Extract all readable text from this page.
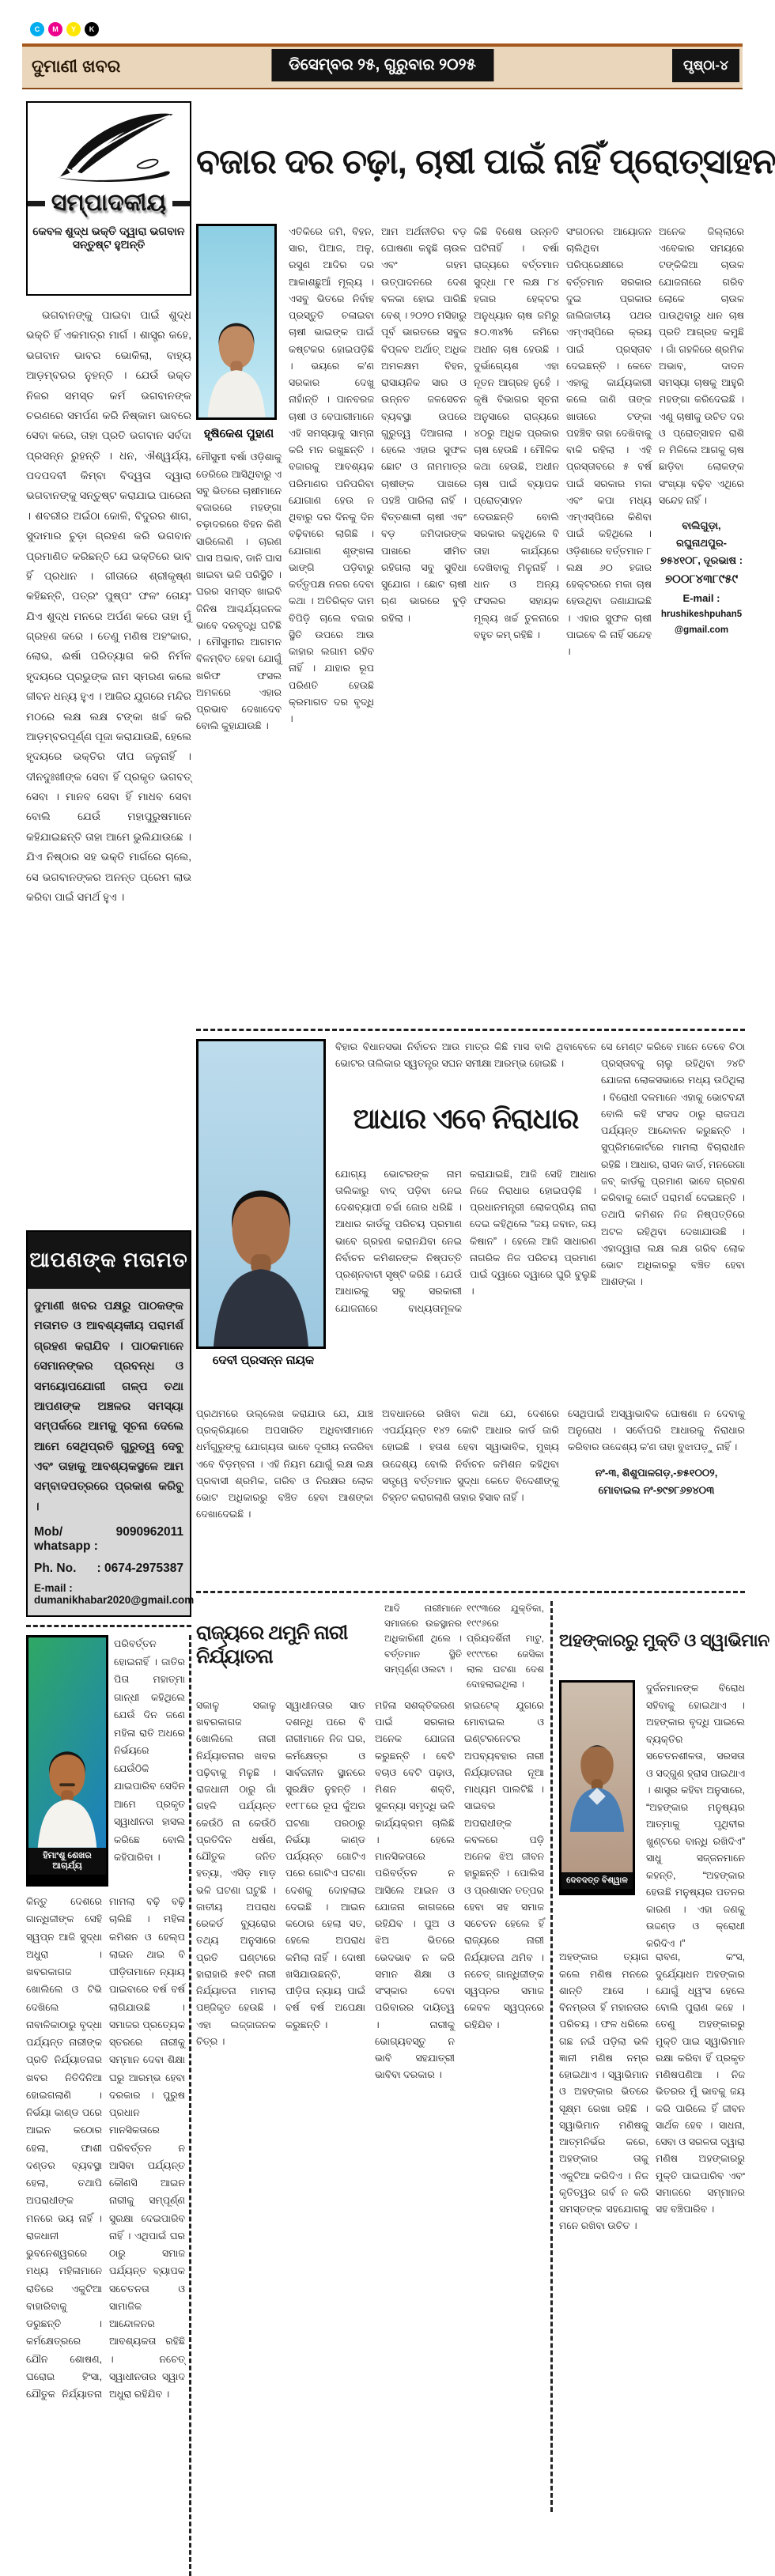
C	M	Y	K
ଦୁମାଣୀ ଖବର	ଡିସେମ୍ବର ୨୫, ଗୁରୁବାର ୨୦୨୫	ପୃଷ୍ଠା-୪
ସମ୍ପାଦକୀୟ
କେବଳ ଶୁଦ୍ଧ ଭକ୍ତି ଦ୍ୱାରା ଭଗବାନ ସନ୍ତୁଷ୍ଟ ହୁଅନ୍ତି
ଭଗବାନଙ୍କୁ ପାଇବା ପାଇଁ ଶୁଦ୍ଧ ଭକ୍ତି ହିଁ ଏକମାତ୍ର ମାର୍ଗ । ଶାସ୍ତ୍ର କହେ, ଭଗବାନ ଭାବର ଭୋକିଲା, ବାହ୍ୟ ଆଡ଼ମ୍ବରର ନୁହନ୍ତି । ଯେଉଁ ଭକ୍ତ ନିଜର ସମସ୍ତ କର୍ମ ଭଗବାନଙ୍କ ଚରଣରେ ସମର୍ପଣ କରି ନିଷ୍କାମ ଭାବରେ ସେବା କରେ, ତାହା ପ୍ରତି ଭଗବାନ ସର୍ବଦା ପ୍ରସନ୍ନ ରୁହନ୍ତି । ଧନ, ଐଶ୍ୱର୍ଯ୍ୟ, ପଦପଦବୀ କିମ୍ବା ବିଦ୍ୱତା ଦ୍ୱାରା ଭଗବାନଙ୍କୁ ସନ୍ତୁଷ୍ଟ କରାଯାଇ ପାରେନା । ଶବରୀର ଅଇଁଠା କୋଳି, ବିଦୁରର ଶାଗ, ସୁଦାମାର ଚୁଡ଼ା ଗ୍ରହଣ କରି ଭଗବାନ ପ୍ରମାଣିତ କରିଛନ୍ତି ଯେ ଭକ୍ତିରେ ଭାବ ହିଁ ପ୍ରଧାନ । ଗୀତାରେ ଶ୍ରୀକୃଷ୍ଣ କହିଛନ୍ତି, ପତ୍ରଂ ପୁଷ୍ପଂ ଫଳଂ ତୋୟଂ ଯିଏ ଶୁଦ୍ଧ ମନରେ ଅର୍ପଣ କରେ ତାହା ମୁଁ ଗ୍ରହଣ କରେ । ତେଣୁ ମଣିଷ ଅହଂକାର, ଲୋଭ, ଈର୍ଷା ପରିତ୍ୟାଗ କରି ନିର୍ମଳ ହୃଦୟରେ ପ୍ରଭୁଙ୍କ ନାମ ସ୍ମରଣ କଲେ ଜୀବନ ଧନ୍ୟ ହୁଏ । ଆଜିର ଯୁଗରେ ମନ୍ଦିର ମଠରେ ଲକ୍ଷ ଲକ୍ଷ ଟଙ୍କା ଖର୍ଚ୍ଚ କରି ଆଡ଼ମ୍ବରପୂର୍ଣ୍ଣ ପୂଜା କରାଯାଉଛି, ହେଲେ ହୃଦୟରେ ଭକ୍ତିର ଦୀପ ଜଳୁନାହିଁ । ଦୀନଦୁଃଖୀଙ୍କ ସେବା ହିଁ ପ୍ରକୃତ ଭଗବତ୍ ସେବା । ମାନବ ସେବା ହିଁ ମାଧବ ସେବା ବୋଲି ଯେଉଁ ମହାପୁରୁଷମାନେ କହିଯାଇଛନ୍ତି ତାହା ଆମେ ଭୁଲିଯାଉଛେ । ଯିଏ ନିଷ୍ଠାର ସହ ଭକ୍ତି ମାର୍ଗରେ ଚାଲେ, ସେ ଭଗବାନଙ୍କର ଅନନ୍ତ ପ୍ରେମ ଲାଭ କରିବା ପାଇଁ ସମର୍ଥ ହୁଏ ।
ଆପଣଙ୍କ ମତାମତ
ଦୁମାଣୀ ଖବର ପକ୍ଷରୁ ପାଠକଙ୍କ ମତାମତ ଓ ଆବଶ୍ୟକୀୟ ପରାମର୍ଶ ଗ୍ରହଣ କରାଯିବ । ପାଠକମାନେ ସେମାନଙ୍କର ପ୍ରବନ୍ଧ ଓ ସମୟୋପଯୋଗୀ ଗଳ୍ପ ତଥା ଆପଣଙ୍କ ଅଞ୍ଚଳର ସମସ୍ୟା ସମ୍ପର୍କରେ ଆମକୁ ସୂଚନା ଦେଲେ ଆମେ ସେଥିପ୍ରତି ଗୁରୁତ୍ୱ ଦେବୁ ଏବଂ ତାହାକୁ ଆବଶ୍ୟକସ୍ଥଳେ ଆମ ସମ୍ବାଦପତ୍ରରେ ପ୍ରକାଶ କରିବୁ ।
Mob/ whatsapp :
9090962011
Ph. No. : 0674-2975387
E-mail : dumanikhabar2020@gmail.com
ହିମାଂଶୁ ଶେଖର ଆଚାର୍ଯ୍ୟ
ପରିବର୍ତ୍ତନ ହୋଇନାହିଁ । ଜାତିର ପିତା ମହାତ୍ମା ଗାନ୍ଧୀ କହିଥିଲେ ଯେଉଁ ଦିନ ଜଣେ ମହିଳା ରାତି ଅଧରେ ନିର୍ଭୟରେ ଯେଉଁଠିକି ଯାଇପାରିବ ସେଦିନ ଆମେ ପ୍ରକୃତ ସ୍ୱାଧୀନତା ହାସଲ କରିଛେ ବୋଲି କହିପାରିବା ।
କିନ୍ତୁ ଦେଶରେ ଗାନ୍ଧିଜୀଙ୍କ ସେହି ସ୍ୱପ୍ନ ଆଜି ସୁଦ୍ଧା ଅଧୁରା । ଖବରକାଗଜ ଖୋଲିଲେ ଓ ଟିଭି ଦେଖିଲେ ନାବାଳିକାଠାରୁ ବୃଦ୍ଧା ପର୍ଯ୍ୟନ୍ତ ନାରୀଙ୍କ ପ୍ରତି ନିର୍ଯ୍ୟାତନାର ଖବର ନିତିଦିନିଆ ହୋଇଗଲାଣି । ନିର୍ଭୟା କାଣ୍ଡ ପରେ ଆଇନ କଠୋର ହେଲା, ଫାଶୀ ଦଣ୍ଡର ବ୍ୟବସ୍ଥା ହେଲା, ତଥାପି ଅପରାଧୀଙ୍କ ମନରେ ଭୟ ନାହିଁ । ରାଜଧାନୀ ଭୁବନେଶ୍ୱରରେ ମଧ୍ୟ ମହିଳାମାନେ ରାତିରେ ଏକୁଟିଆ ବାହାରିବାକୁ ଡରୁଛନ୍ତି । କର୍ମକ୍ଷେତ୍ରରେ ଯୌନ ଶୋଷଣ, ଘରୋଇ ହିଂସା, ଯୌତୁକ ନିର୍ଯ୍ୟାତନା ମାମଲା ବଢ଼ି ବଢ଼ି ଚାଲିଛି । ମହିଳା କମିଶନ ଓ ହେଲ୍ପ ଲାଇନ ଥାଇ ବି ପୀଡ଼ିତାମାନେ ନ୍ୟାୟ ପାଇବାରେ ବର୍ଷ ବର୍ଷ ଲାଗିଯାଉଛି । ସମାଜର ପ୍ରତ୍ୟେକ ସ୍ତରରେ ନାରୀକୁ ସମ୍ମାନ ଦେବା ଶିକ୍ଷା ଘରୁ ଆରମ୍ଭ ହେବା ଦରକାର । ପୁରୁଷ ପ୍ରଧାନ ମାନସିକତାରେ ପରିବର୍ତ୍ତନ ନ ଆସିବା ପର୍ଯ୍ୟନ୍ତ କୌଣସି ଆଇନ ନାରୀକୁ ସମ୍ପୂର୍ଣ୍ଣ ସୁରକ୍ଷା ଦେଇପାରିବ ନାହିଁ । ଏଥିପାଇଁ ଘର ଠାରୁ ସମାଜ ପର୍ଯ୍ୟନ୍ତ ବ୍ୟାପକ ସଚେତନତା ଓ ସାମାଜିକ ଆନ୍ଦୋଳନର ଆବଶ୍ୟକତା ରହିଛି । ନଚେତ୍ ସ୍ୱାଧୀନତାର ସ୍ୱାଦ ଅଧୁରା ରହିଯିବ ।
ବଜାର ଦର ଚଢ଼ା, ଚାଷୀ ପାଇଁ ନାହିଁ ପ୍ରୋତ୍ସାହନ
ହୃଷିକେଶ ପୁହାଣ
ମୌସୁମୀ ବର୍ଷା ଓଡ଼ିଶାକୁ ଡେରିରେ ଆସିଥିବାରୁ ଏ ସବୁ ଭିତରେ ଚାଷୀମାନେ ବଜାରରେ ମହଙ୍ଗା ଚଢ଼ାଦରରେ ବିହନ କିଣି ସାରିଲେଣି । ଚାରଣ ଘାସ ଅଭାବ, ଡାନି ଘାସ ଖାଇବା ଭଳି ପରିସ୍ଥିତି । ଘରର ସମସ୍ତ ଖାଇବି ଜିନିଷ ଆଶ୍ଚର୍ଯ୍ୟଜନକ ଭାବେ ଦରବୃଦ୍ଧି ଘଟିଛି । ମୌସୁମୀର ଆଗମନ ବିଳମ୍ବିତ ହେବା ଯୋଗୁଁ ଖରିଫ ଫସଲ ଅମଳରେ ଏହାର ପ୍ରଭାବ ଦେଖାଦେବ ବୋଲି କୁହାଯାଉଛି ।
ଏତିକିରେ ଜମି, ବିହନ, ସାର, ପିଆଜ, ଅଳୁ, ରସୁଣ ଆଦିର ଦର ଆକାଶଛୁଆଁ ମୂଲ୍ୟ । ଏସବୁ ଭିତରେ ନିର୍ବାହ ପ୍ରସ୍ତୁତି ଚଳାଇବା ଚାଷୀ ଭାଇଙ୍କ ପାଇଁ କଷ୍ଟକର ହୋଇପଡ଼ିଛି । ଭୟରେ କ'ଣ ସରକାର ଦେଖୁ ନାହାଁନ୍ତି । ପାନବରଜ ଚାଷୀ ଓ ବେପାରୀମାନେ ଏହି ସମସ୍ୟାକୁ ସାମ୍ନା କରି ମନ ରଖୁଛନ୍ତି । ବଜାରକୁ ଆବଶ୍ୟକ ପରିମାଣର ପନିପରିବା ଯୋଗାଣ ହେଉ ନ ଥିବାରୁ ଦର ଦିନକୁ ଦିନ ବଢ଼ିବାରେ ଲାଗିଛି । ଯୋଗାଣ ଶୃଙ୍ଖଳା ଭାଙ୍ଗି ପଡ଼ିବାରୁ କର୍ତ୍ତୃପକ୍ଷ ନଜର ଦେବା କଥା । ଅତିରିକ୍ତ ଦାମ ବିପିଡ଼ି ଚାଲେ ବଜାର ସ୍ଥିତି ଉପରେ ଆଉ କାହାର ଲଗାମ ରହିବ ନାହିଁ । ଯାହାର ରୂପ ପରିଣତି ହେଉଛି କ୍ରମାଗତ ଦର ବୃଦ୍ଧି ।
ଆମ ଅର୍ଥନୀତିର ବଡ଼ ଘୋଷଣା କହୁଛି ଚାଉଳ ଏବଂ ଗହମ ଉତ୍ପାଦନରେ ଦେଶ ବଳକା ହୋଇ ପାରିଛି ବେଶ୍ । ୨୦୨୦ ମସିହାରୁ ପୂର୍ବ ଭାରତରେ ସବୁଜ ବିପ୍ଳବ ଅର୍ଥାତ୍ ଅଧିକ ଅମଳକ୍ଷମ ବିହନ, ରାସାୟନିକ ସାର ଓ ଉନ୍ନତ ଜଳସେଚନ ବ୍ୟବସ୍ଥା ଉପରେ ଗୁରୁତ୍ୱ ଦିଆଗଲା । ହେଲେ ଏହାର ସୁଫଳ ଛୋଟ ଓ ନାମମାତ୍ର ଚାଷୀଙ୍କ ପାଖରେ ପହଞ୍ଚି ପାରିଲା ନାହିଁ । ବିତ୍ତଶାଳୀ ଚାଷୀ ଏବଂ ବଡ଼ ଜମିଦାରଙ୍କ ପାଖରେ ସୀମିତ ରହିଗଲା ସବୁ ସୁବିଧା ସୁଯୋଗ । ଛୋଟ ଚାଷୀ ଋଣ ଭାରରେ ବୁଡ଼ି ରହିଲା ।
କିଛି ବିଶେଷ ଉନ୍ନତି ଘଟିନାହିଁ । ବର୍ଷା ରାଜ୍ୟରେ ବର୍ତ୍ତମାନ ସୁଦ୍ଧା ୮୧ ଲକ୍ଷ ୮୪ ହଜାର ହେକ୍ଟର ଅନୁଧ୍ୟାନ ଚାଷ ଜମିରୁ ୫୦.୩୪% ଜମିରେ ଅଧୀନ ଚାଷ ହେଉଛି । ଦୁର୍ଭାଗ୍ୟେଶ ଏହା ନୂତନ ଆଗ୍ରହ ନୁହେଁ । କୃଷି ବିଭାଗର ସୂଚନା ଅନୁସାରେ ରାଜ୍ୟରେ ୪୦ରୁ ଅଧିକ ପ୍ରକାର ଚାଷ ହେଉଛି । ମୌଳିକ କଥା ହେଉଛି, ଅଧୀନ ଚାଷ ପାଇଁ ବ୍ୟାପକ ପ୍ରୋତ୍ସାହନ ଦେଉଛନ୍ତି ବୋଲି ସରକାର କହୁଥିଲେ ବି ତାହା କାର୍ଯ୍ୟରେ ଦେଖିବାକୁ ମିଳୁନାହିଁ । ଧାନ ଓ ଅନ୍ୟ ଫସଲର ସହାୟକ ମୂଲ୍ୟ ଖର୍ଚ୍ଚ ତୁଳନାରେ ବହୁତ କମ୍ ରହିଛି ।
ସଂଗଠନର ଆୟୋଜନ ଚାଲିଥିବା ପରିପ୍ରେକ୍ଷୀରେ ବର୍ତ୍ତମାନ ସରକାର ଦୁଇ ପ୍ରକାର ଜାଲିଜାତୀୟ ପଥର ଏମ୍‌ଏସ୍‌ପିରେ କ୍ରୟ ପାଇଁ ପ୍ରସ୍ତାବ ଦେଇଛନ୍ତି । କେତେ ଏହାକୁ କାର୍ଯ୍ୟକାରୀ କଲେ ଜାଣି ତାଙ୍କ ଖାତାରେ ଟଙ୍କା ପହଞ୍ଚିବ ତାହା ଦେଖିବାକୁ ବାକି ରହିଲା । ଏହି ପ୍ରସ୍ତାବରେ ୫ ବର୍ଷ ପାଇଁ ସରକାର ମକା ଏବଂ କପା ମଧ୍ୟ ଏମ୍‌ଏସ୍‌ପିରେ କିଣିବା ପାଇଁ କହିଥିଲେ । ଓଡ଼ିଶାରେ ବର୍ତ୍ତମାନ ୮ ଲକ୍ଷ ୬୦ ହଜାର ହେକ୍ଟରରେ ମକା ଚାଷ ହେଉଥିବା ଜଣାଯାଇଛି । ଏହାର ସୁଫଳ ଚାଷୀ ପାଇବେ କି ନାହିଁ ସନ୍ଦେହ ।
ଅନେକ ଜିଲ୍ଲାରେ ଏବେକାର ସମୟରେ ଟଙ୍କିକିଆ ଚାଉଳ ଯୋଜନାରେ ଗରିବ ଲୋକେ ଚାଉଳ ପାଉଥିବାରୁ ଧାନ ଚାଷ ପ୍ରତି ଆଗ୍ରହ କମୁଛି । ଗାଁ ଗହଳିରେ ଶ୍ରମିକ ଅଭାବ, ଦାଦନ ସମସ୍ୟା ଚାଷକୁ ଆହୁରି ମହଙ୍ଗା କରିଦେଇଛି । ଏଣୁ ଚାଷୀକୁ ଉଚିତ ଦର ଓ ପ୍ରୋତ୍ସାହନ ରାଶି ନ ମିଳିଲେ ଆଗକୁ ଚାଷ ଛାଡ଼ିବା ଲୋକଙ୍କ ସଂଖ୍ୟା ବଢ଼ିବ ଏଥିରେ ସନ୍ଦେହ ନାହିଁ ।
ବାଲିଗୁଡ଼ା, ରଘୁନାଥପୁର- ୭୫୪୧୦୮, ଦୂରଭାଷ :
୭୦୦୮୪୩୮୯୫୯
E-mail :
hrushikeshpuhan5@gmail.com
ଦେବୀ ପ୍ରସନ୍ନ ନାୟକ
ବିହାର ବିଧାନସଭା ନିର୍ବାଚନ ଆଉ ମାତ୍ର କିଛି ମାସ ବାକି ଥିବାବେଳେ ଭୋଟର ତାଲିକାର ସ୍ୱତନ୍ତ୍ର ସଘନ ସମୀକ୍ଷା ଆରମ୍ଭ ହୋଇଛି ।
ଆଧାର ଏବେ ନିରାଧାର
ଯୋଗ୍ୟ ଭୋଟରଙ୍କ ନାମ ତାଲିକାରୁ ବାଦ୍ ପଡ଼ିବା ନେଇ ଦେଶବ୍ୟାପୀ ଚର୍ଚ୍ଚା ଜୋର ଧରିଛି । ଆଧାର କାର୍ଡକୁ ପରିଚୟ ପ୍ରମାଣ ଭାବେ ଗ୍ରହଣ କରାନଯିବା ନେଇ ନିର୍ବାଚନ କମିଶନଙ୍କ ନିଷ୍ପତ୍ତି ପ୍ରଶ୍ନବାଚୀ ସୃଷ୍ଟି କରିଛି । ଯେଉଁ ଆଧାରକୁ ସବୁ ସରକାରୀ ଯୋଜନାରେ ବାଧ୍ୟତାମୂଳକ କରାଯାଇଛି, ଆଜି ସେହି ଆଧାର ନିଜେ ନିରାଧାର ହୋଇପଡ଼ିଛି । ପ୍ରଧାନମନ୍ତ୍ରୀ ଲୋକପ୍ରିୟ ନାରା ଦେଇ କହିଥିଲେ “ଜୟ ଜବାନ, ଜୟ କିଷାନ” । ହେଲେ ଆଜି ସାଧାରଣ ନାଗରିକ ନିଜ ପରିଚୟ ପ୍ରମାଣ ପାଇଁ ଦ୍ୱାରେ ଦ୍ୱାରେ ଘୁରି ବୁଲୁଛି ।
ସେ ମେଣ୍ଟ କରିବେ ମାନେ ତେବେ ଚିଠା ପ୍ରସ୍ତାବକୁ ଚାଲୁ ରହିଥିବା ୨୪ଟି ଯୋଜନା ଲୋକସଭାରେ ମଧ୍ୟ ଉଠିଥିଲା । ବିରୋଧୀ ଦଳମାନେ ଏହାକୁ ଭୋଟବନ୍ଦୀ ବୋଲି କହି ସଂସଦ ଠାରୁ ରାଜପଥ ପର୍ଯ୍ୟନ୍ତ ଆନ୍ଦୋଳନ କରୁଛନ୍ତି । ସୁପ୍ରିମକୋର୍ଟରେ ମାମଲା ବିଚାରାଧୀନ ରହିଛି । ଆଧାର, ରାସନ କାର୍ଡ, ମନରେଗା ଜବ୍ କାର୍ଡକୁ ପ୍ରମାଣ ଭାବେ ଗ୍ରହଣ କରିବାକୁ କୋର୍ଟ ପରାମର୍ଶ ଦେଇଛନ୍ତି । ତଥାପି କମିଶନ ନିଜ ନିଷ୍ପତ୍ତିରେ ଅଟଳ ରହିଥିବା ଦେଖାଯାଉଛି । ଏହାଦ୍ୱାରା ଲକ୍ଷ ଲକ୍ଷ ଗରିବ ଲୋକ ଭୋଟ ଅଧିକାରରୁ ବଞ୍ଚିତ ହେବା ଆଶଙ୍କା ।
ପ୍ରଥମରେ ଉଲ୍ଲେଖ କରାଯାଉ ଯେ, ଯାଞ୍ଚ ପ୍ରକ୍ରିୟାରେ ଅପସାରିତ ଅଧିବାସୀମାନେ ଧର୍ମଗୁରୁଙ୍କୁ ଯୋଗ୍ୟତା ଭାବେ ଦୂରୀୟ ନଜରିବା ଏବେ ବିଡ଼ମ୍ବନା । ଏହି ନିୟମ ଯୋଗୁଁ ଲକ୍ଷ ଲକ୍ଷ ପ୍ରବାସୀ ଶ୍ରମିକ, ଗରିବ ଓ ନିରକ୍ଷର ଲୋକ ଭୋଟ ଅଧିକାରରୁ ବଞ୍ଚିତ ହେବା ଆଶଙ୍କା ଦେଖାଦେଇଛି ।
ଅବଧାନରେ ରଖିବା କଥା ଯେ, ଦେଶରେ ଏପର୍ଯ୍ୟନ୍ତ ୧୪୨ କୋଟି ଆଧାର କାର୍ଡ ଜାରି ହୋଇଛି । ହତାଶ ହେବା ସ୍ୱାଭାବିକ, ମୁଖ୍ୟ ଉଦ୍ଦେଶ୍ୟ ବୋଲି ନିର୍ବାଚନ କମିଶନ କହିଥିବା ସତ୍ତ୍ୱେ ବର୍ତ୍ତମାନ ସୁଦ୍ଧା କେତେ ବିଦେଶୀଙ୍କୁ ଚିହ୍ନଟ କରାଗଲାଣି ତାହାର ହିସାବ ନାହିଁ ।
ସେଥିପାଇଁ ଅସ୍ୱାଭାବିକ ଘୋଷଣା ନ ଦେବାକୁ ଅନୁରୋଧ । ସର୍ବୋପରି ଆଧାରକୁ ନିରାଧାର କରିବାର ଉଦ୍ଦେଶ୍ୟ କ'ଣ ତାହା ବୁଝାପଡ଼ୁ ନାହିଁ ।
ନଂ-୩, ଶିଶୁପାଳଗଡ଼,-୭୫୧୦୦୨,
ମୋବାଇଲ ନଂ-୭୯୭୮୬୭୪୦୩
ରାଜ୍ୟରେ ଥମୁନି ନାରୀ ନିର୍ଯ୍ୟାତନା
ଆଦି ନାରୀମାନେ ସମାଜରେ ଉଚ୍ଚସ୍ଥାନର ଅଧିକାରିଣୀ ଥିଲେ । ବର୍ତ୍ତମାନ ସ୍ଥିତି ସମ୍ପୂର୍ଣ୍ଣ ଓଲଟା ।
୧୯୯୩ରେ ଯୁକ୍ତିକା, ୧୯୯୬ରେ ପ୍ରିୟଦର୍ଶିନୀ ମାଟୁ, ୧୯୯୯ରେ ଜେସିକା ଲାଲ ଘଟଣା ଦେଶ ଦୋହଲାଇଥିଲା ।
ସକାଳୁ ସକାଳୁ ଖବରକାଗଜ ଖୋଲିଲେ ନାରୀ ନିର୍ଯ୍ୟାତନାର ଖବର ପଢ଼ିବାକୁ ମିଳୁଛି । ରାଜଧାନୀ ଠାରୁ ଗାଁ ଗହଳି ପର୍ଯ୍ୟନ୍ତ କେଉଁଠି ନା କେଉଁଠି ପ୍ରତିଦିନ ଧର୍ଷଣ, ଯୌତୁକ ଜନିତ ହତ୍ୟା, ଏସିଡ଼ ମାଡ଼ ଭଳି ଘଟଣା ଘଟୁଛି । ଜାତୀୟ ଅପରାଧ ରେକର୍ଡ ବ୍ୟୁରୋର ତଥ୍ୟ ଅନୁସାରେ ପ୍ରତି ଘଣ୍ଟାରେ ହାରାହାରି ୫୧ଟି ନାରୀ ନିର୍ଯ୍ୟାତନା ମାମଲା ପଞ୍ଜିକୃତ ହେଉଛି । ଏହା ଲଜ୍ଜାଜନକ ଚିତ୍ର ।
ସ୍ୱାଧୀନତାର ସାତ ଦଶନ୍ଧି ପରେ ବି ନାରୀମାନେ ନିଜ ଘର, କର୍ମକ୍ଷେତ୍ର ଓ ସାର୍ବଜନୀନ ସ୍ଥାନରେ ସୁରକ୍ଷିତ ନୁହନ୍ତି । ୧୯୮୮ରେ ରୂପ କୁଁଅର ଘଟଣା ପରଠାରୁ ନିର୍ଭୟା କାଣ୍ଡ ପର୍ଯ୍ୟନ୍ତ ଗୋଟିଏ ପରେ ଗୋଟିଏ ଘଟଣା ଦେଶକୁ ଦୋହଲାଇ ଦେଇଛି । ଆଇନ କଠୋର ହେଲା ସତ, ହେଲେ ଅପରାଧ କମିଲା ନାହିଁ । ଦୋଷୀ ଖସିଯାଉଛନ୍ତି, ପୀଡ଼ିତା ନ୍ୟାୟ ପାଇଁ ବର୍ଷ ବର୍ଷ ଅପେକ୍ଷା କରୁଛନ୍ତି ।
ମହିଳା ସଶକ୍ତିକରଣ ପାଇଁ ସରକାର ଅନେକ ଯୋଜନା କରୁଛନ୍ତି । ବେଟି ବଚାଓ ବେଟି ପଢ଼ାଓ, ମିଶନ ଶକ୍ତି, ସୁକନ୍ୟା ସମୃଦ୍ଧି ଭଳି କାର୍ଯ୍ୟକ୍ରମ ଚାଲିଛି । ହେଲେ ମାନସିକତାରେ ପରିବର୍ତ୍ତନ ନ ଆସିଲେ ଆଇନ ଓ ଯୋଜନା କାଗଜରେ ରହିଯିବ । ପୁଅ ଓ ଝିଅ ଭିତରେ ଭେଦଭାବ ନ କରି ସମାନ ଶିକ୍ଷା ଓ ସଂସ୍କାର ଦେବା ପରିବାରର ଦାୟିତ୍ୱ । ନାରୀକୁ ଭୋଗ୍ୟବସ୍ତୁ ନ ଭାବି ସହଯାତ୍ରୀ ଭାବିବା ଦରକାର ।
ହାଇଟେକ୍ ଯୁଗରେ ମୋବାଇଲ ଓ ଇଣ୍ଟରନେଟର ଅପବ୍ୟବହାର ନାରୀ ନିର୍ଯ୍ୟାତନାର ନୂଆ ମାଧ୍ୟମ ପାଲଟିଛି । ସାଇବର ଅପରାଧୀଙ୍କ କବଳରେ ପଡ଼ି ଅନେକ ଝିଅ ଜୀବନ ହାରୁଛନ୍ତି । ପୋଲିସ ଓ ପ୍ରଶାସନ ତତ୍ପର ହେବା ସହ ସମାଜ ସଚେତନ ହେଲେ ହିଁ ରାଜ୍ୟରେ ନାରୀ ନିର୍ଯ୍ୟାତନା ଥମିବ । ନଚେତ୍ ଗାନ୍ଧିଜୀଙ୍କ ସ୍ୱପ୍ନର ସମାଜ କେବଳ ସ୍ୱପ୍ନରେ ରହିଯିବ ।
ଅହଙ୍କାରରୁ ମୁକ୍ତି ଓ ସ୍ୱାଭିମାନ
ଦେବଦତ୍ତ ବିଶ୍ୱାଳ
ଦୁର୍ଜନମାନଙ୍କ ବିରୋଧ ସହିବାକୁ ହୋଇଥାଏ । ଅହଙ୍କାର ବୃଦ୍ଧି ପାଇଲେ ବ୍ୟକ୍ତିର ସଚେତନଶୀଳତା, ସରସତା ଓ ସଦ୍‌ଗୁଣ ହ୍ରାସ ପାଇଥାଏ । ଶାସ୍ତ୍ର କହିବା ଅନୁସାରେ, “ଅହଙ୍କାର ମନୁଷ୍ୟର ଆତ୍ମାକୁ ପୃଥିବୀର ଖୁଣ୍ଟରେ ବାନ୍ଧି ରଖିଦିଏ” ସାଧୁ ସଜ୍ଜନମାନେ କହନ୍ତି, “ଅହଙ୍କାର ହେଉଛି ମନୁଷ୍ୟର ପତନର କାରଣ । ଏହା ଜଣକୁ ଉଦ୍ଦଣ୍ଡ ଓ କ୍ରୋଧୀ କରିଦିଏ ।”
ଅହଙ୍କାର ତ୍ୟାଗ କଲେ ମଣିଷ ମନରେ ଶାନ୍ତି ଆସେ । ବିନମ୍ରତା ହିଁ ମହାନତାର ପରିଚୟ । ଫଳ ଧରିଲେ ଗଛ ନଇଁ ପଡ଼ିଲା ଭଳି ଜ୍ଞାନୀ ମଣିଷ ନମ୍ର ହୋଇଥାଏ । ସ୍ୱାଭିମାନ ଓ ଅହଙ୍କାର ଭିତରେ ସୂକ୍ଷ୍ମ ରେଖା ରହିଛି । ସ୍ୱାଭିମାନ ମଣିଷକୁ ଆତ୍ମନିର୍ଭର କରେ, ଅହଙ୍କାର ତାକୁ ଏକୁଟିଆ କରିଦିଏ । ନିଜ କୃତିତ୍ୱର ଗର୍ବ ନ କରି ସମସ୍ତଙ୍କ ସହଯୋଗକୁ ମନେ ରଖିବା ଉଚିତ ।
ରାବଣ, କଂସ, ଦୁର୍ଯ୍ୟୋଧନ ଅହଙ୍କାର ଯୋଗୁଁ ଧ୍ୱଂସ ହେଲେ ବୋଲି ପୁରାଣ କହେ । ତେଣୁ ଅହଙ୍କାରରୁ ମୁକ୍ତି ପାଇ ସ୍ୱାଭିମାନ ରକ୍ଷା କରିବା ହିଁ ପ୍ରକୃତ ମଣିଷପଣିଆ । ନିଜ ଭିତରର ମୁଁ ଭାବକୁ ଜୟ କରି ପାରିଲେ ହିଁ ଜୀବନ ସାର୍ଥକ ହେବ । ସାଧନା, ସେବା ଓ ସରଳତା ଦ୍ୱାରା ମଣିଷ ଅହଙ୍କାରରୁ ମୁକ୍ତି ପାଇପାରିବ ଏବଂ ସମାଜରେ ସମ୍ମାନର ସହ ବଞ୍ଚିପାରିବ ।
